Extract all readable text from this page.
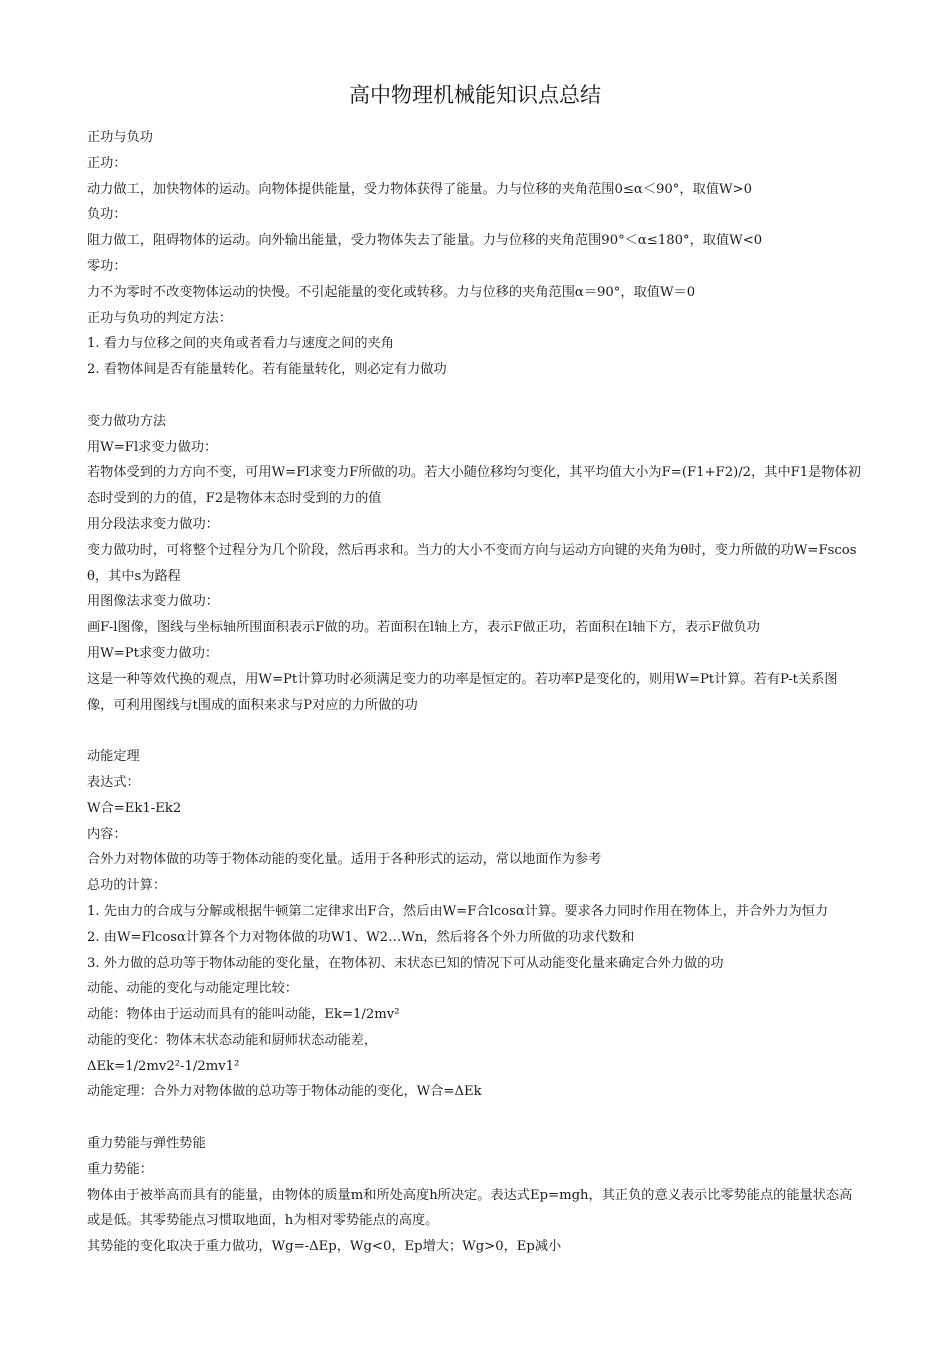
高中物理机械能知识点总结

正功与负功

正功：

动力做工，加快物体的运动。向物体提供能量，受力物体获得了能量。力与位移的夹角范围0≤α＜90°，取值W>0

负功：

阻力做工，阻碍物体的运动。向外输出能量，受力物体失去了能量。力与位移的夹角范围90°＜α≤180°，取值W<0

零功：

力不为零时不改变物体运动的快慢。不引起能量的变化或转移。力与位移的夹角范围α＝90°，取值W＝0

正功与负功的判定方法：

1. 看力与位移之间的夹角或者看力与速度之间的夹角

2. 看物体间是否有能量转化。若有能量转化，则必定有力做功

变力做功方法

用W=Fl求变力做功：

若物体受到的力方向不变，可用W=Fl求变力F所做的功。若大小随位移均匀变化，其平均值大小为F=(F1+F2)/2，其中F1是物体初态时受到的力的值，F2是物体末态时受到的力的值

用分段法求变力做功：

变力做功时，可将整个过程分为几个阶段，然后再求和。当力的大小不变而方向与运动方向键的夹角为θ时，变力所做的功W=Fscosθ，其中s为路程

用图像法求变力做功：

画F-l图像，图线与坐标轴所围面积表示F做的功。若面积在l轴上方，表示F做正功，若面积在l轴下方，表示F做负功

用W=Pt求变力做功：

这是一种等效代换的观点，用W=Pt计算功时必须满足变力的功率是恒定的。若功率P是变化的，则用W=Pt计算。若有P-t关系图像，可利用图线与t围成的面积来求与P对应的力所做的功

动能定理

表达式：

W合=Ek1-Ek2

内容：

合外力对物体做的功等于物体动能的变化量。适用于各种形式的运动，常以地面作为参考

总功的计算：

1. 先由力的合成与分解或根据牛顿第二定律求出F合，然后由W=F合lcosα计算。要求各力同时作用在物体上，并合外力为恒力

2. 由W=Flcosα计算各个力对物体做的功W1、W2…Wn，然后将各个外力所做的功求代数和

3. 外力做的总功等于物体动能的变化量，在物体初、末状态已知的情况下可从动能变化量来确定合外力做的功

动能、动能的变化与动能定理比较：

动能：物体由于运动而具有的能叫动能，Ek=1/2mv²

动能的变化：物体末状态动能和厨师状态动能差，

ΔEk=1/2mv2²-1/2mv1²

动能定理：合外力对物体做的总功等于物体动能的变化，W合=ΔEk

重力势能与弹性势能

重力势能：

物体由于被举高而具有的能量，由物体的质量m和所处高度h所决定。表达式Ep=mgh，其正负的意义表示比零势能点的能量状态高或是低。其零势能点习惯取地面，h为相对零势能点的高度。

其势能的变化取决于重力做功，Wg=-ΔEp，Wg<0，Ep增大；Wg>0，Ep减小
